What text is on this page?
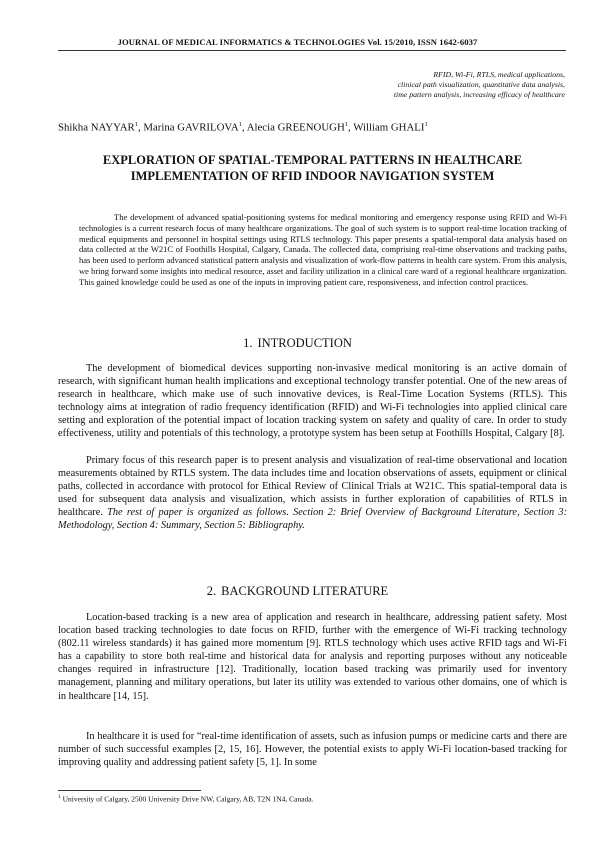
JOURNAL OF MEDICAL INFORMATICS & TECHNOLOGIES Vol. 15/2010, ISSN 1642-6037
RFID, Wi-Fi, RTLS, medical applications,
clinical path visualization, quantitative data analysis,
time pattern analysis, increasing efficacy of healthcare
Shikha NAYYAR$^1$, Marina GAVRILOVA$^1$, Alecia GREENOUGH$^1$, William GHALI$^1$
EXPLORATION OF SPATIAL-TEMPORAL PATTERNS IN HEALTHCARE
IMPLEMENTATION OF RFID INDOOR NAVIGATION SYSTEM

The development of advanced spatial-positioning systems for medical monitoring and emergency response using RFID and Wi-Fi technologies is a current research focus of many healthcare organizations. The goal of such system is to support real-time location tracking of medical equipments and personnel in hospital settings using RTLS technology. This paper presents a spatial-temporal data analysis based on data collected at the W21C of Foothills Hospital, Calgary, Canada. The collected data, comprising real-time observations and tracking paths, has been used to perform advanced statistical pattern analysis and visualization of work-flow patterns in health care system. From this analysis, we bring forward some insights into medical resource, asset and facility utilization in a clinical care ward of a regional healthcare organization. This gained knowledge could be used as one of the inputs in improving patient care, responsiveness, and infection control practices.

1. INTRODUCTION

The development of biomedical devices supporting non-invasive medical monitoring is an active domain of research, with significant human health implications and exceptional technology transfer potential. One of the new areas of research in healthcare, which make use of such innovative devices, is Real-Time Location Systems (RTLS). This technology aims at integration of radio frequency identification (RFID) and Wi-Fi technologies into applied clinical care setting and exploration of the potential impact of location tracking system on safety and quality of care. In order to study effectiveness, utility and potentials of this technology, a prototype system has been setup at Foothills Hospital, Calgary [8].

Primary focus of this research paper is to present analysis and visualization of real-time observational and location measurements obtained by RTLS system. The data includes time and location observations of assets, equipment or clinical paths, collected in accordance with protocol for Ethical Review of Clinical Trials at W21C. This spatial-temporal data is used for subsequent data analysis and visualization, which assists in further exploration of capabilities of RTLS in healthcare. The rest of paper is organized as follows. Section 2: Brief Overview of Background Literature, Section 3: Methodology, Section 4: Summary, Section 5: Bibliography.

2. BACKGROUND LITERATURE

Location-based tracking is a new area of application and research in healthcare, addressing patient safety. Most location based tracking technologies to date focus on RFID, further with the emergence of Wi-Fi tracking technology (802.11 wireless standards) it has gained more momentum [9]. RTLS technology which uses active RFID tags and Wi-Fi has a capability to store both real-time and historical data for analysis and reporting purposes without any noticeable changes required in infrastructure [12]. Traditionally, location based tracking was primarily used for inventory management, planning and military operations, but later its utility was extended to various other domains, one of which is in healthcare [14, 15].

In healthcare it is used for “real-time identification of assets, such as infusion pumps or medicine carts and there are number of such successful examples [2, 15, 16]. However, the potential exists to apply Wi-Fi location-based tracking for improving quality and addressing patient safety [5, 1]. In some

$^1$ University of Calgary, 2500 University Drive NW, Calgary, AB, T2N 1N4, Canada.
